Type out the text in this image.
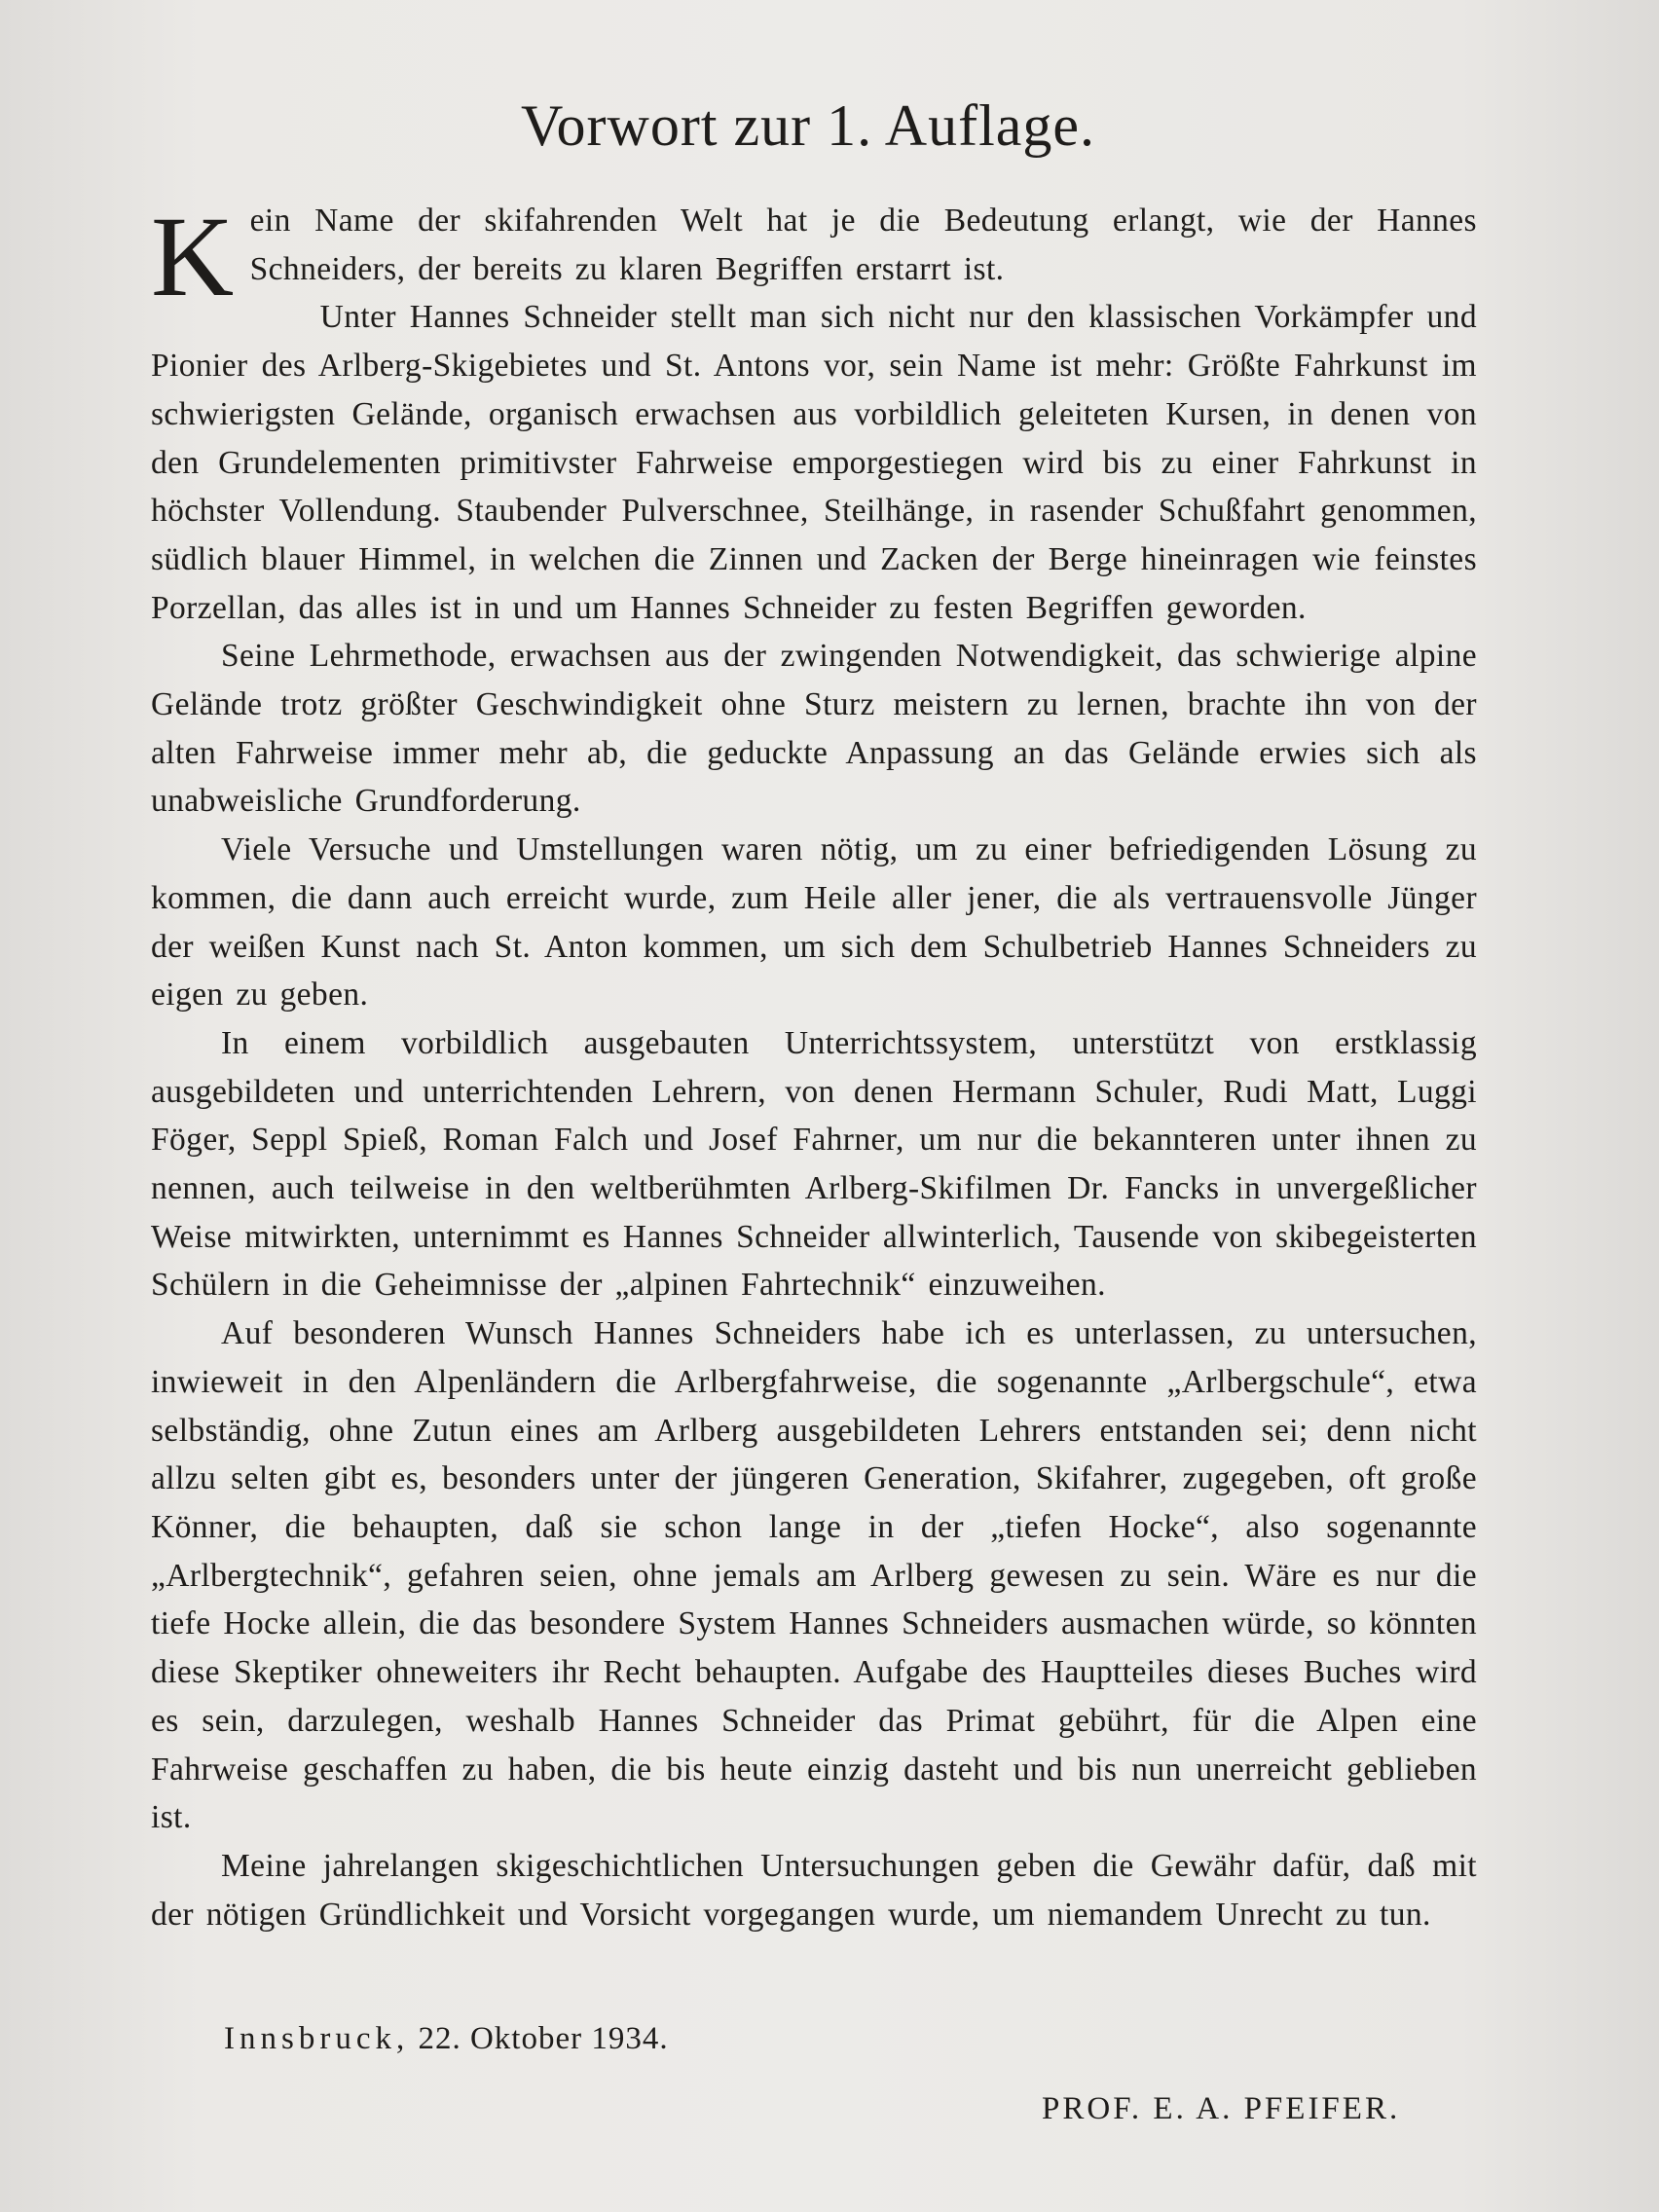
Vorwort zur 1. Auflage.

Kein Name der skifahrenden Welt hat je die Bedeutung erlangt, wie der Hannes Schneiders, der bereits zu klaren Begriffen erstarrt ist.

Unter Hannes Schneider stellt man sich nicht nur den klassischen Vorkämpfer und Pionier des Arlberg-Skigebietes und St. Antons vor, sein Name ist mehr: Größte Fahrkunst im schwierigsten Gelände, organisch erwachsen aus vorbildlich geleiteten Kursen, in denen von den Grundelementen primitivster Fahrweise emporgestiegen wird bis zu einer Fahrkunst in höchster Vollendung. Staubender Pulverschnee, Steilhänge, in rasender Schußfahrt genommen, südlich blauer Himmel, in welchen die Zinnen und Zacken der Berge hineinragen wie feinstes Porzellan, das alles ist in und um Hannes Schneider zu festen Begriffen geworden.

Seine Lehrmethode, erwachsen aus der zwingenden Notwendigkeit, das schwierige alpine Gelände trotz größter Geschwindigkeit ohne Sturz meistern zu lernen, brachte ihn von der alten Fahrweise immer mehr ab, die geduckte Anpassung an das Gelände erwies sich als unabweisliche Grundforderung.

Viele Versuche und Umstellungen waren nötig, um zu einer befriedigenden Lösung zu kommen, die dann auch erreicht wurde, zum Heile aller jener, die als vertrauensvolle Jünger der weißen Kunst nach St. Anton kommen, um sich dem Schulbetrieb Hannes Schneiders zu eigen zu geben.

In einem vorbildlich ausgebauten Unterrichtssystem, unterstützt von erstklassig ausgebildeten und unterrichtenden Lehrern, von denen Hermann Schuler, Rudi Matt, Luggi Föger, Seppl Spieß, Roman Falch und Josef Fahrner, um nur die bekannteren unter ihnen zu nennen, auch teilweise in den weltberühmten Arlberg-Skifilmen Dr. Fancks in unvergeßlicher Weise mitwirkten, unternimmt es Hannes Schneider allwinterlich, Tausende von skibegeisterten Schülern in die Geheimnisse der „alpinen Fahrtechnik“ einzuweihen.

Auf besonderen Wunsch Hannes Schneiders habe ich es unterlassen, zu untersuchen, inwieweit in den Alpenländern die Arlbergfahrweise, die sogenannte „Arlbergschule“, etwa selbständig, ohne Zutun eines am Arlberg ausgebildeten Lehrers entstanden sei; denn nicht allzu selten gibt es, besonders unter der jüngeren Generation, Skifahrer, zugegeben, oft große Könner, die behaupten, daß sie schon lange in der „tiefen Hocke“, also sogenannte „Arlbergtechnik“, gefahren seien, ohne jemals am Arlberg gewesen zu sein. Wäre es nur die tiefe Hocke allein, die das besondere System Hannes Schneiders ausmachen würde, so könnten diese Skeptiker ohneweiters ihr Recht behaupten. Aufgabe des Hauptteiles dieses Buches wird es sein, darzulegen, weshalb Hannes Schneider das Primat gebührt, für die Alpen eine Fahrweise geschaffen zu haben, die bis heute einzig dasteht und bis nun unerreicht geblieben ist.

Meine jahrelangen skigeschichtlichen Untersuchungen geben die Gewähr dafür, daß mit der nötigen Gründlichkeit und Vorsicht vorgegangen wurde, um niemandem Unrecht zu tun.

Innsbruck, 22. Oktober 1934.
PROF. E. A. PFEIFER.
